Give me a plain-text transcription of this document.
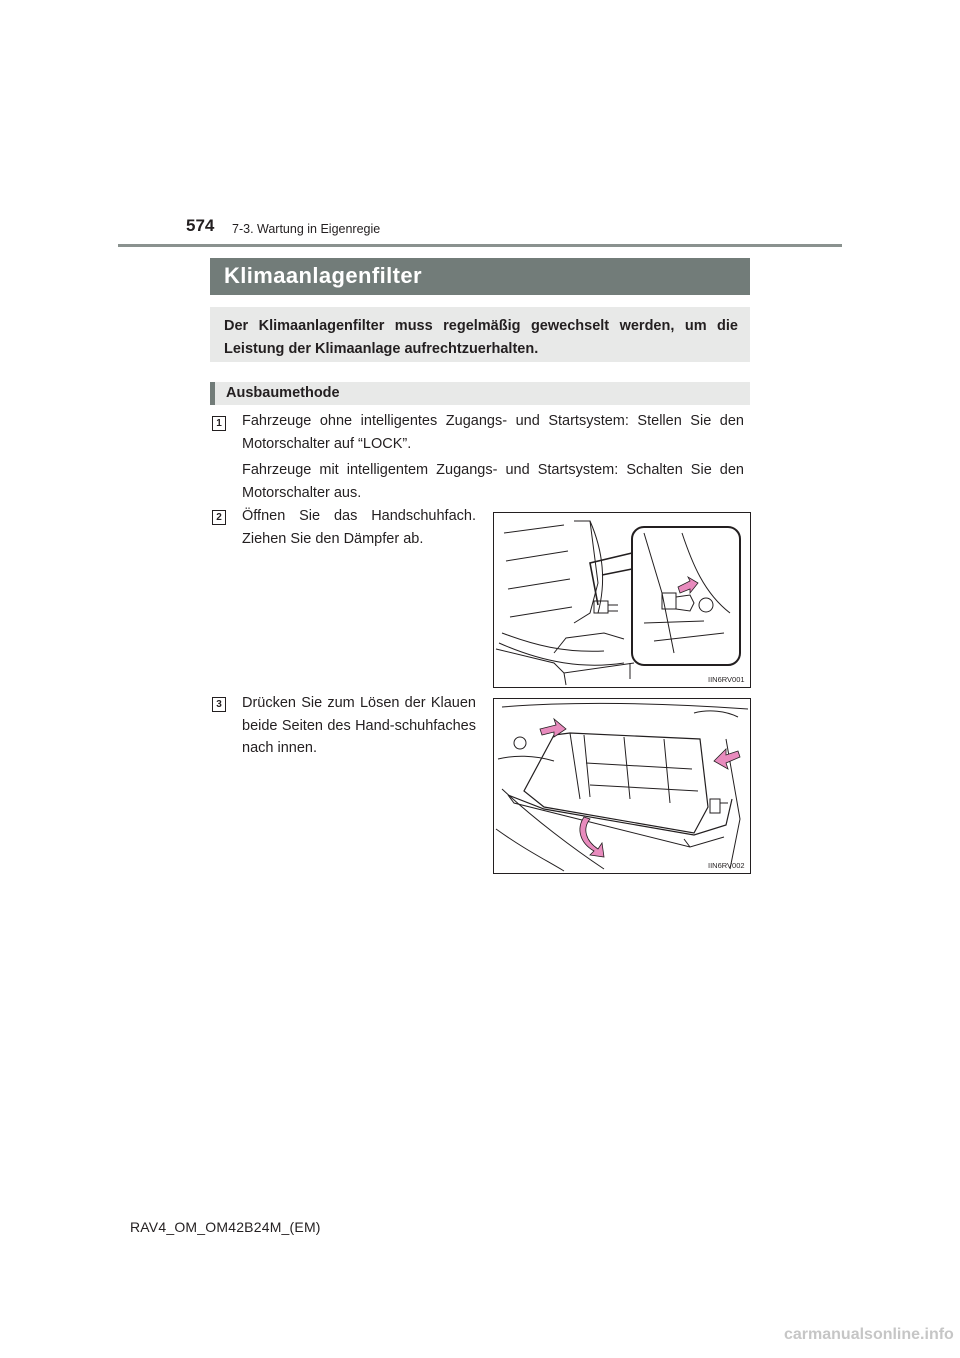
574 7-3. Wartung in Eigenregie
Klimaanlagenfilter
Der Klimaanlagenfilter muss regelmäßig gewechselt werden, um die Leistung der Klimaanlage aufrechtzuerhalten.
Ausbaumethode
1 Fahrzeuge ohne intelligentes Zugangs- und Startsystem: Stellen Sie den Motorschalter auf “LOCK”.
Fahrzeuge mit intelligentem Zugangs- und Startsystem: Schalten Sie den Motorschalter aus.
2 Öffnen Sie das Handschuhfach. Ziehen Sie den Dämpfer ab.
IIN6RV001
3 Drücken Sie zum Lösen der Klauen beide Seiten des Hand-schuhfaches nach innen.
IIN6RV002
RAV4_OM_OM42B24M_(EM)
carmanualsonline.info
